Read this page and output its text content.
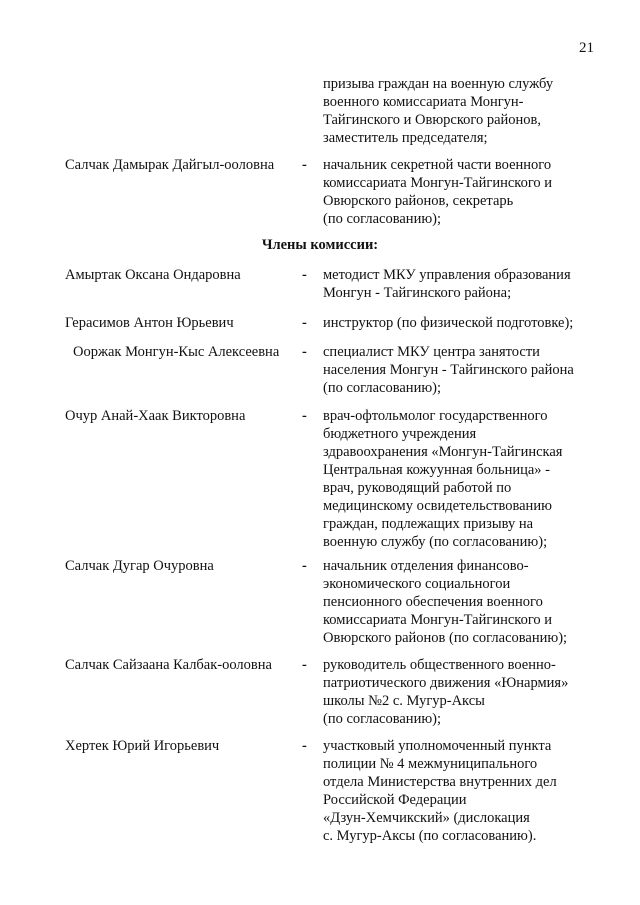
21
призыва граждан на военную службу
военного комиссариата Монгун-
Тайгинского и Овюрского районов,
заместитель председателя;
Салчак Дамырак Дайгыл-ооловна - начальник секретной части военного
комиссариата Монгун-Тайгинского и
Овюрского районов, секретарь
(по согласованию);
Члены комиссии:
Амыртак Оксана Ондаровна	- методист МКУ управления образования
Монгун - Тайгинского района;
Герасимов Антон Юрьевич	- инструктор (по физической подготовке);
Ооржак Монгун-Кыс Алексеевна - специалист МКУ центра занятости
населения Монгун - Тайгинского района
(по согласованию);
Очур Анай-Хаак Викторовна	- врач-офтольмолог государственного
бюджетного учреждения
здравоохранения «Монгун-Тайгинская
Центральная кожуунная больница» -
врач, руководящий работой по
медицинскому освидетельствованию
граждан, подлежащих призыву на
военную службу (по согласованию);
Салчак Дугар Очуровна	- начальник отделения финансово-
экономического социальногои
пенсионного обеспечения военного
комиссариата Монгун-Тайгинского и
Овюрского районов (по согласованию);
Салчак Сайзаана Калбак-ооловна - руководитель общественного военно-
патриотического движения «Юнармия»
школы №2 с. Мугур-Аксы
(по согласованию);
Хертек Юрий Игорьевич	- участковый уполномоченный пункта
полиции № 4 межмуниципального
отдела Министерства внутренних дел
Российской Федерации
«Дзун-Хемчикский» (дислокация
с. Мугур-Аксы (по согласованию).
